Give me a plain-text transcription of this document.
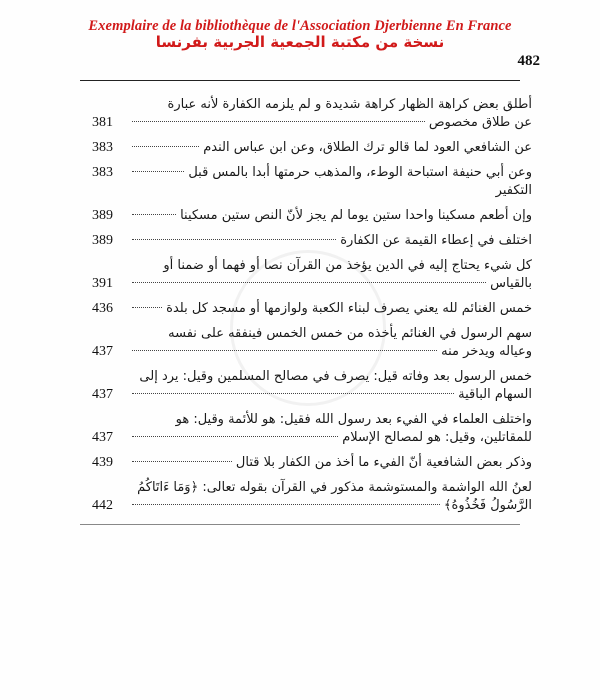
Exemplaire de la bibliothèque de l'Association Djerbienne En France
نسخة من مكتبة الجمعية الجربية بفرنسا
482
أطلق بعض كراهة الظهار كراهة شديدة و لم يلزمه الكفارة لأنه عبارة
عن طلاق مخصوص
381
عن الشافعي العود لما قالو ترك الطلاق، وعن ابن عباس الندم
383
وعن أبي حنيفة استباحة الوطء، والمذهب حرمتها أبدا بالمس قبل
383
التكفير
وإن أطعم مسكينا واحدا ستين يوما لم يجز لأنّ النص ستين مسكينا
389
اختلف في إعطاء القيمة عن الكفارة
389
كل شيء يحتاج إليه في الدين يؤخذ من القرآن نصا أو فهما أو ضمنا أو
بالقياس
391
خمس الغنائم لله يعني يصرف لبناء الكعبة ولوازمها أو مسجد كل بلدة
436
سهم الرسول في الغنائم يأخذه من خمس الخمس فينفقه على نفسه
وعياله ويدخر منه
437
خمس الرسول بعد وفاته قيل: يصرف في مصالح المسلمين وقيل: يرد إلى
السهام الباقية
437
واختلف العلماء في الفيء بعد رسول الله فقيل: هو للأئمة وقيل: هو
للمقاتلين، وقيل: هو لمصالح الإسلام
437
وذكر بعض الشافعية أنّ الفيء ما أخذ من الكفار بلا قتال
439
لعنُ الله الواشمة والمستوشمة مذكور في القرآن بقوله تعالى: ﴿وَمَا ءَاتَاكُمُ
الرَّسُولُ فَخُذُوهُ﴾
442
